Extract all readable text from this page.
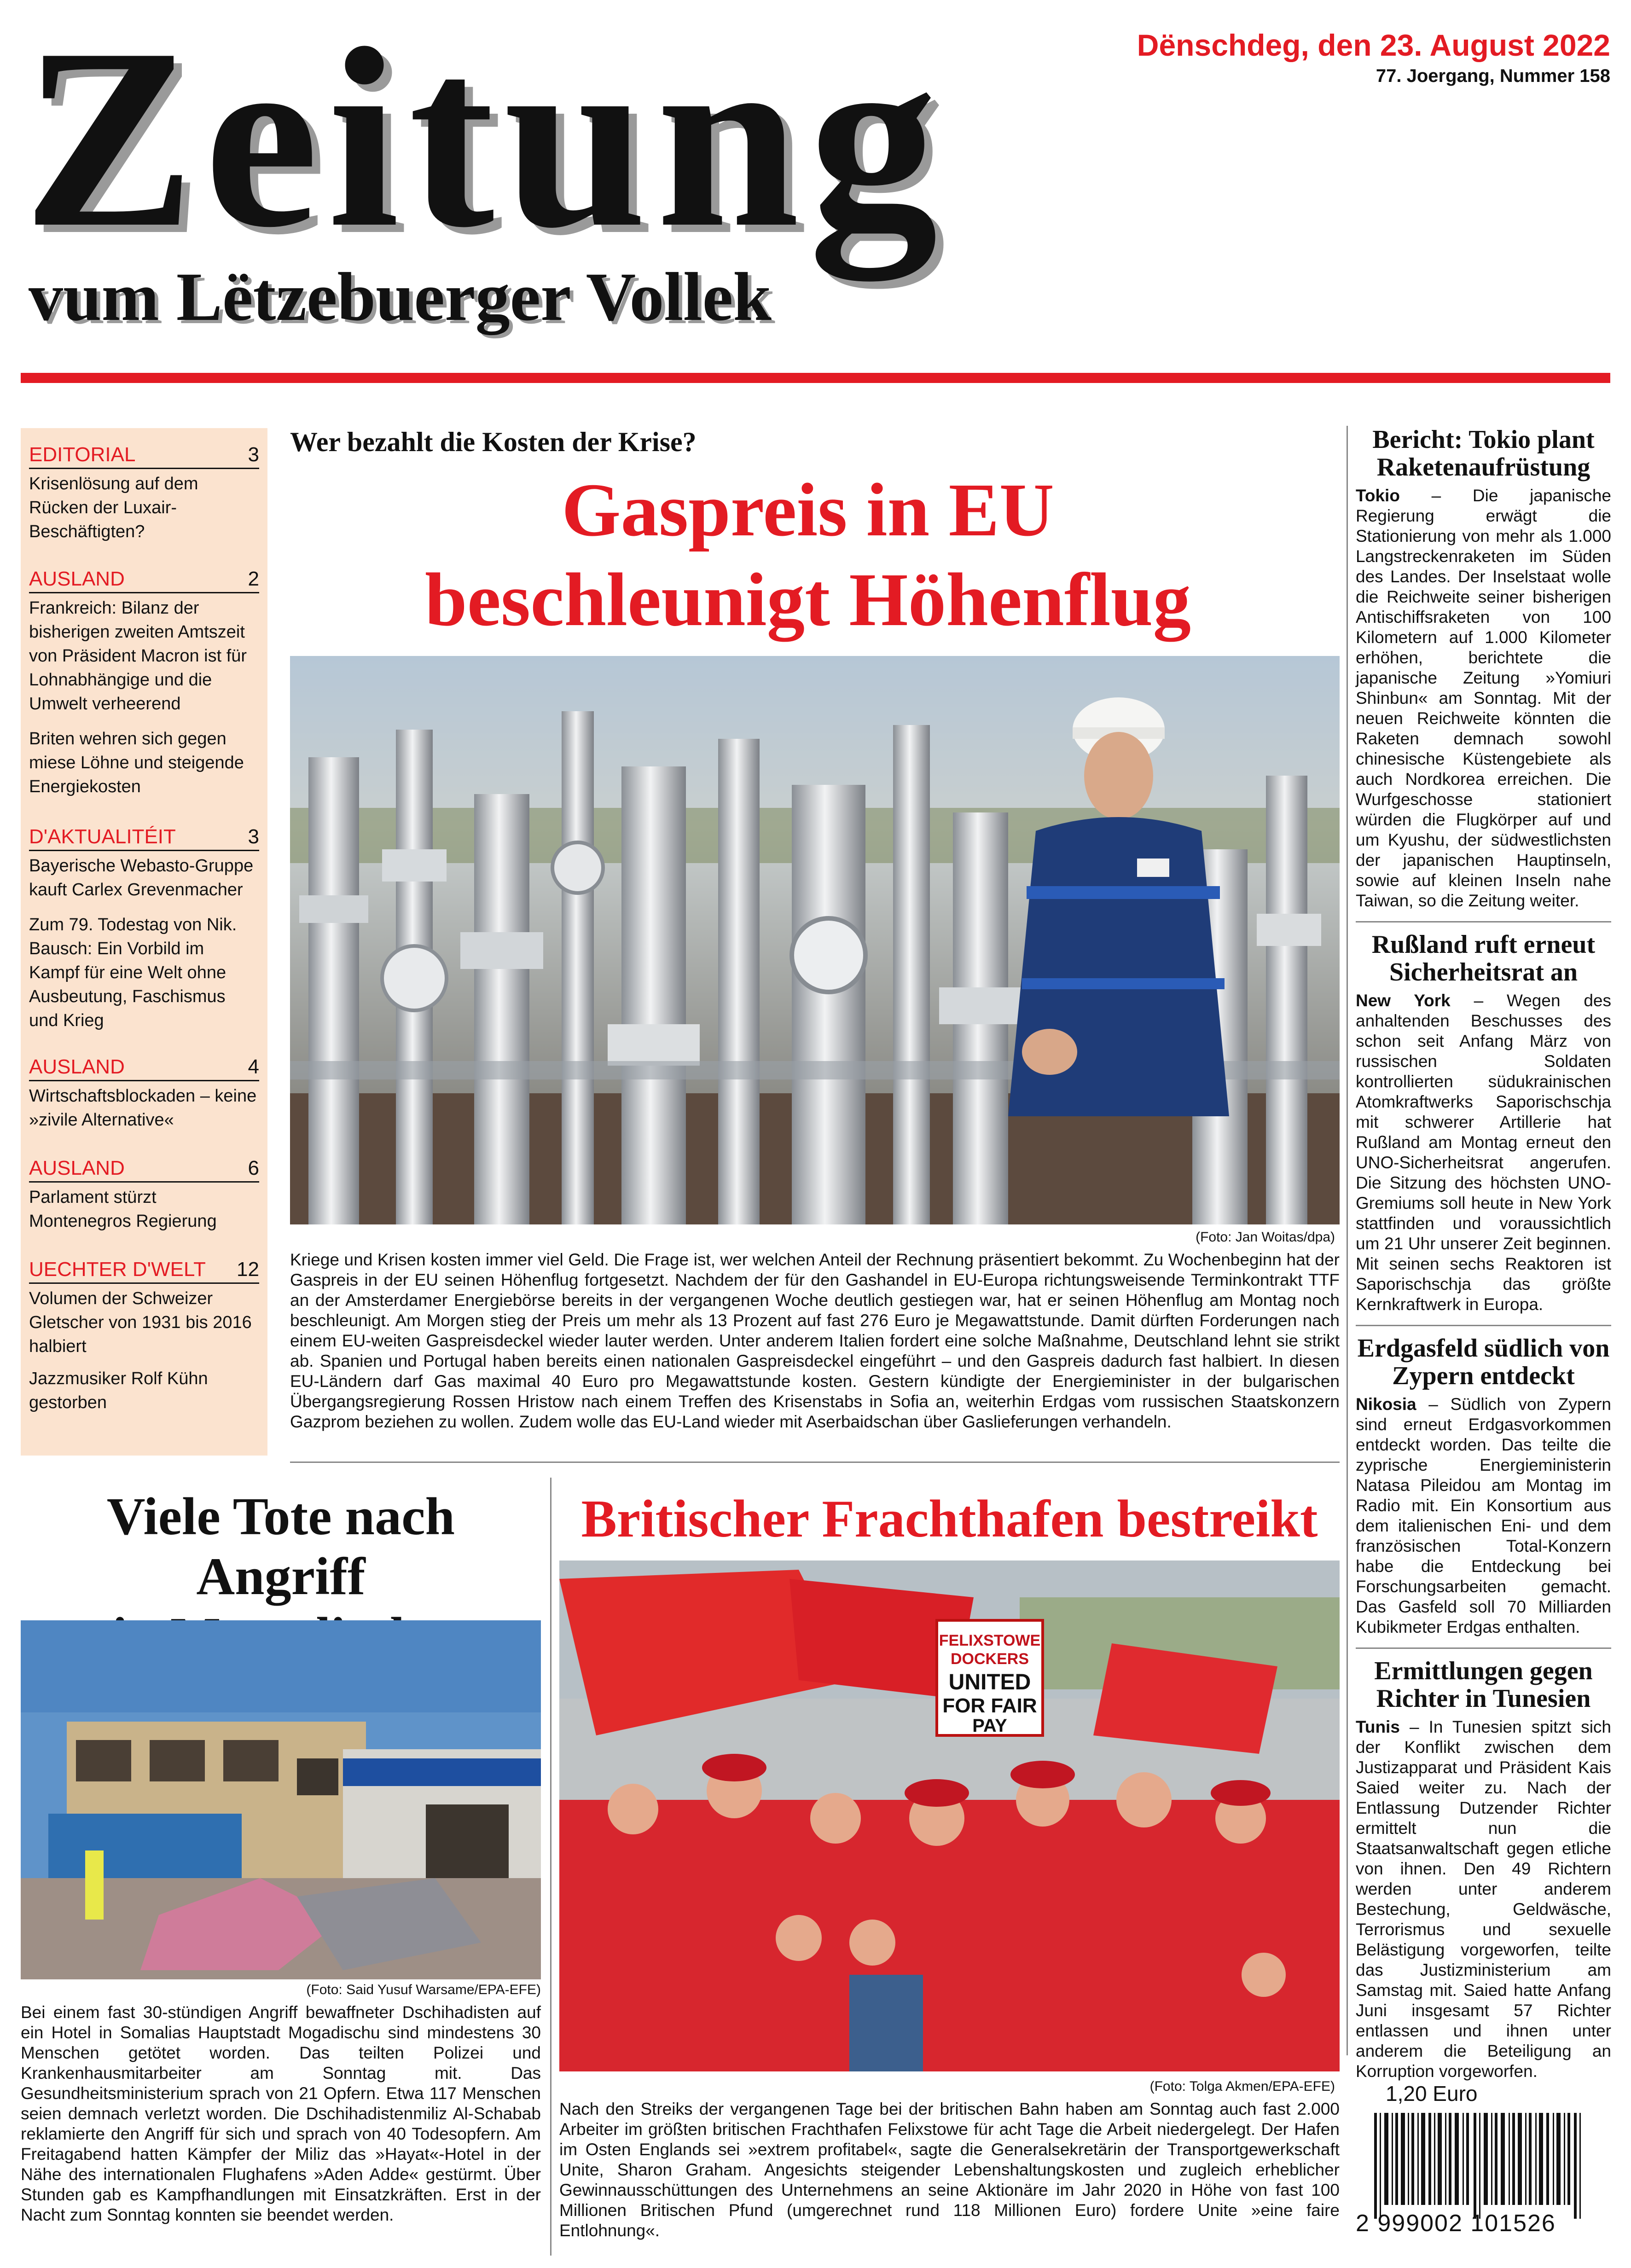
Zeitung
vum Lëtzebuerger Vollek
Dënschdeg, den 23. August 2022
77. Joergang, Nummer 158
EDITORIAL	3
Krisenlösung auf dem Rücken der Luxair-Beschäftigten?
AUSLAND	2
Frankreich: Bilanz der bisherigen zweiten Amtszeit von Präsident Macron ist für Lohnabhängige und die Umwelt verheerend
Briten wehren sich gegen miese Löhne und steigende Energiekosten
D'AKTUALITÉIT	3
Bayerische Webasto-Gruppe kauft Carlex Grevenmacher
Zum 79. Todestag von Nik. Bausch: Ein Vorbild im Kampf für eine Welt ohne Ausbeutung, Faschismus und Krieg
AUSLAND	4
Wirtschaftsblockaden – keine »zivile Alternative«
AUSLAND	6
Parlament stürzt Montenegros Regierung
UECHTER D'WELT 12
Volumen der Schweizer Gletscher von 1931 bis 2016 halbiert
Jazzmusiker Rolf Kühn gestorben
Wer bezahlt die Kosten der Krise?
Gaspreis in EU
beschleunigt Höhenflug
(Foto: Jan Woitas/dpa)
Kriege und Krisen kosten immer viel Geld. Die Frage ist, wer welchen Anteil der Rechnung präsentiert bekommt. Zu Wochenbeginn hat der Gaspreis in der EU seinen Höhenflug fortgesetzt. Nachdem der für den Gashandel in EU-Europa richtungsweisende Terminkontrakt TTF an der Amsterdamer Energiebörse bereits in der vergangenen Woche deutlich gestiegen war, hat er seinen Höhenflug am Montag noch beschleunigt. Am Morgen stieg der Preis um mehr als 13 Prozent auf fast 276 Euro je Megawattstunde. Damit dürften Forderungen nach einem EU-weiten Gaspreisdeckel wieder lauter werden. Unter anderem Italien fordert eine solche Maßnahme, Deutschland lehnt sie strikt ab. Spanien und Portugal haben bereits einen nationalen Gaspreisdeckel eingeführt – und den Gaspreis dadurch fast halbiert. In diesen EU-Ländern darf Gas maximal 40 Euro pro Megawattstunde kosten. Gestern kündigte der Energieminister in der bulgarischen Übergangsregierung Rossen Hristow nach einem Treffen des Krisenstabs in Sofia an, weiterhin Erdgas vom russischen Staatskonzern Gazprom beziehen zu wollen. Zudem wolle das EU-Land wieder mit Aserbaidschan über Gaslieferungen verhandeln.
Bericht: Tokio plant Raketenaufrüstung
Tokio – Die japanische Regierung erwägt die Stationierung von mehr als 1.000 Langstreckenraketen im Süden des Landes. Der Inselstaat wolle die Reichweite seiner bisherigen Antischiffsraketen von 100 Kilometern auf 1.000 Kilometer erhöhen, berichtete die japanische Zeitung »Yomiuri Shinbun« am Sonntag. Mit der neuen Reichweite könnten die Raketen demnach sowohl chinesische Küstengebiete als auch Nordkorea erreichen. Die Wurfgeschosse stationiert würden die Flugkörper auf und um Kyushu, der südwestlichsten der japanischen Hauptinseln, sowie auf kleinen Inseln nahe Taiwan, so die Zeitung weiter.
Rußland ruft erneut Sicherheitsrat an
New York – Wegen des anhaltenden Beschusses des schon seit Anfang März von russischen Soldaten kontrollierten südukrainischen Atomkraftwerks Saporischschja mit schwerer Artillerie hat Rußland am Montag erneut den UNO-Sicherheitsrat angerufen. Die Sitzung des höchsten UNO-Gremiums soll heute in New York stattfinden und voraussichtlich um 21 Uhr unserer Zeit beginnen. Mit seinen sechs Reaktoren ist Saporischschja das größte Kernkraftwerk in Europa.
Erdgasfeld südlich von Zypern entdeckt
Nikosia – Südlich von Zypern sind erneut Erdgasvorkommen entdeckt worden. Das teilte die zyprische Energieministerin Natasa Pileidou am Montag im Radio mit. Ein Konsortium aus dem italienischen Eni- und dem französischen Total-Konzern habe die Entdeckung bei Forschungsarbeiten gemacht. Das Gasfeld soll 70 Milliarden Kubikmeter Erdgas enthalten.
Ermittlungen gegen Richter in Tunesien
Tunis – In Tunesien spitzt sich der Konflikt zwischen dem Justizapparat und Präsident Kais Saied weiter zu. Nach der Entlassung Dutzender Richter ermittelt nun die Staatsanwaltschaft gegen etliche von ihnen. Den 49 Richtern werden unter anderem Bestechung, Geldwäsche, Terrorismus und sexuelle Belästigung vorgeworfen, teilte das Justizministerium am Samstag mit. Saied hatte Anfang Juni insgesamt 57 Richter entlassen und ihnen unter anderem die Beteiligung an Korruption vorgeworfen.
1,20 Euro
2 999002 101526
Viele Tote nach Angriff
(Foto: Said Yusuf Warsame/EPA-EFE)
Bei einem fast 30-stündigen Angriff bewaffneter Dschihadisten auf ein Hotel in Somalias Hauptstadt Mogadischu sind mindestens 30 Menschen getötet worden. Das teilten Polizei und Krankenhausmitarbeiter am Sonntag mit. Das Gesundheitsministerium sprach von 21 Opfern. Etwa 117 Menschen seien demnach verletzt worden. Die Dschihadistenmiliz Al-Schabab reklamierte den Angriff für sich und sprach von 40 Todesopfern. Am Freitagabend hatten Kämpfer der Miliz das »Hayat«-Hotel in der Nähe des internationalen Flughafens »Aden Adde« gestürmt. Über Stunden gab es Kampfhandlungen mit Einsatzkräften. Erst in der Nacht zum Sonntag konnten sie beendet werden.
Britischer Frachthafen bestreikt
FELIXSTOWE
DOCKERS
UNITED
FOR FAIR
PAY
(Foto: Tolga Akmen/EPA-EFE)
Nach den Streiks der vergangenen Tage bei der britischen Bahn haben am Sonntag auch fast 2.000 Arbeiter im größten britischen Frachthafen Felixstowe für acht Tage die Arbeit niedergelegt. Der Hafen im Osten Englands sei »extrem profitabel«, sagte die Generalsekretärin der Transportgewerkschaft Unite, Sharon Graham. Angesichts steigender Lebenshaltungskosten und zugleich erheblicher Gewinnausschüttungen des Unternehmens an seine Aktionäre im Jahr 2020 in Höhe von fast 100 Millionen Britischen Pfund (umgerechnet rund 118 Millionen Euro) fordere Unite »eine faire Entlohnung«.
